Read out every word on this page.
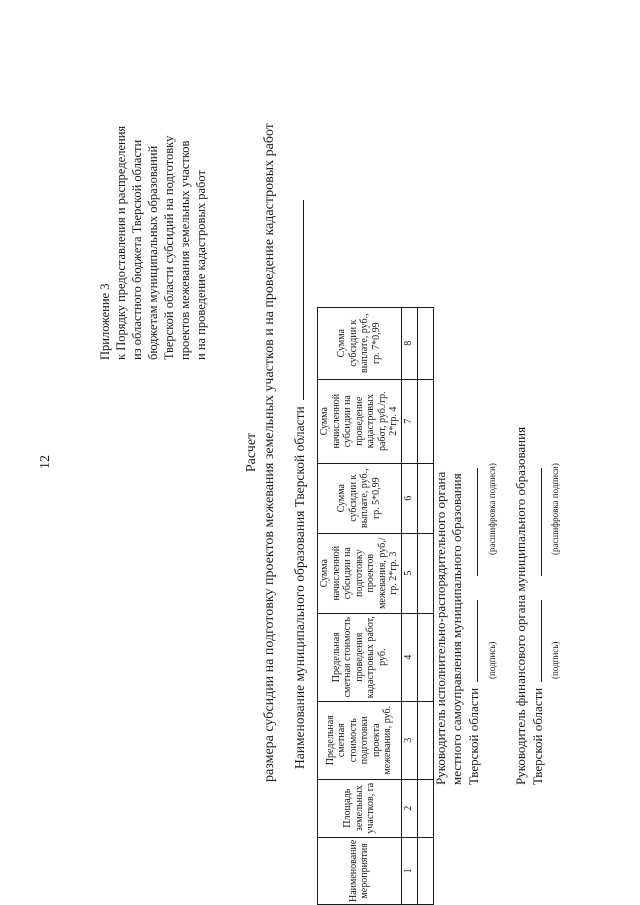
12
Приложение 3 к Порядку предоставления и распределения из областного бюджета Тверской области бюджетам муниципальных образований Тверской области субсидий на подготовку проектов межевания земельных участков и на проведение кадастровых работ
Расчет размера субсидии на подготовку проектов межевания земельных участков и на проведение кадастровых работ Наименование муниципального образования Тверской области
Наименование мероприятия	Площадь земельных участков, га	Предельная сметная стоимость подготовки проекта межевания, руб.	Предельная сметная стоимость проведения кадастровых работ, руб.	Сумма начисленной субсидии на подготовку проектов межевания, руб./ гр. 2*гр. 3	Сумма субсидии к выплате, руб., гр. 5*0,99	Сумма начисленной субсидии на проведение кадастровых работ, руб./гр. 2*гр. 4	Сумма субсидии к выплате, руб., гр. 7*0,99
1	2	3	4	5	6	7	8

Руководитель исполнительно-распорядительного органа местного самоуправления муниципального образования Тверской области
(подпись)
(расшифровка подписи) Руководитель финансового органа муниципального образования Тверской области
(подпись)
(расшифровка подписи)
